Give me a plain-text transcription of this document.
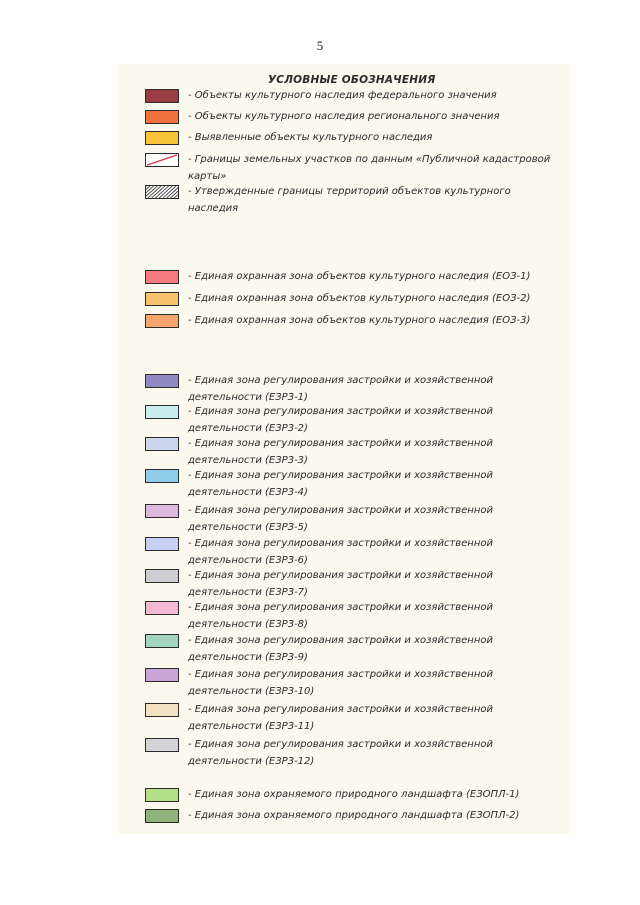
5
УСЛОВНЫЕ ОБОЗНАЧЕНИЯ
- Объекты культурного наследия федерального значения
- Объекты культурного наследия регионального значения
- Выявленные объекты культурного наследия
- Границы земельных участков по данным «Публичной кадастровой карты»
- Утвержденные границы территорий объектов культурного наследия
- Единая охранная зона объектов культурного наследия (ЕОЗ-1)
- Единая охранная зона объектов культурного наследия (ЕОЗ-2)
- Единая охранная зона объектов культурного наследия (ЕОЗ-3)
- Единая зона регулирования застройки и хозяйственной деятельности (ЕЗРЗ-1)
- Единая зона регулирования застройки и хозяйственной деятельности (ЕЗРЗ-2)
- Единая зона регулирования застройки и хозяйственной деятельности (ЕЗРЗ-3)
- Единая зона регулирования застройки и хозяйственной деятельности (ЕЗРЗ-4)
- Единая зона регулирования застройки и хозяйственной деятельности (ЕЗРЗ-5)
- Единая зона регулирования застройки и хозяйственной деятельности (ЕЗРЗ-6)
- Единая зона регулирования застройки и хозяйственной деятельности (ЕЗРЗ-7)
- Единая зона регулирования застройки и хозяйственной деятельности (ЕЗРЗ-8)
- Единая зона регулирования застройки и хозяйственной деятельности (ЕЗРЗ-9)
- Единая зона регулирования застройки и хозяйственной деятельности (ЕЗРЗ-10)
- Единая зона регулирования застройки и хозяйственной деятельности (ЕЗРЗ-11)
- Единая зона регулирования застройки и хозяйственной деятельности (ЕЗРЗ-12)
- Единая зона охраняемого природного ландшафта (ЕЗОПЛ-1)
- Единая зона охраняемого природного ландшафта (ЕЗОПЛ-2)
